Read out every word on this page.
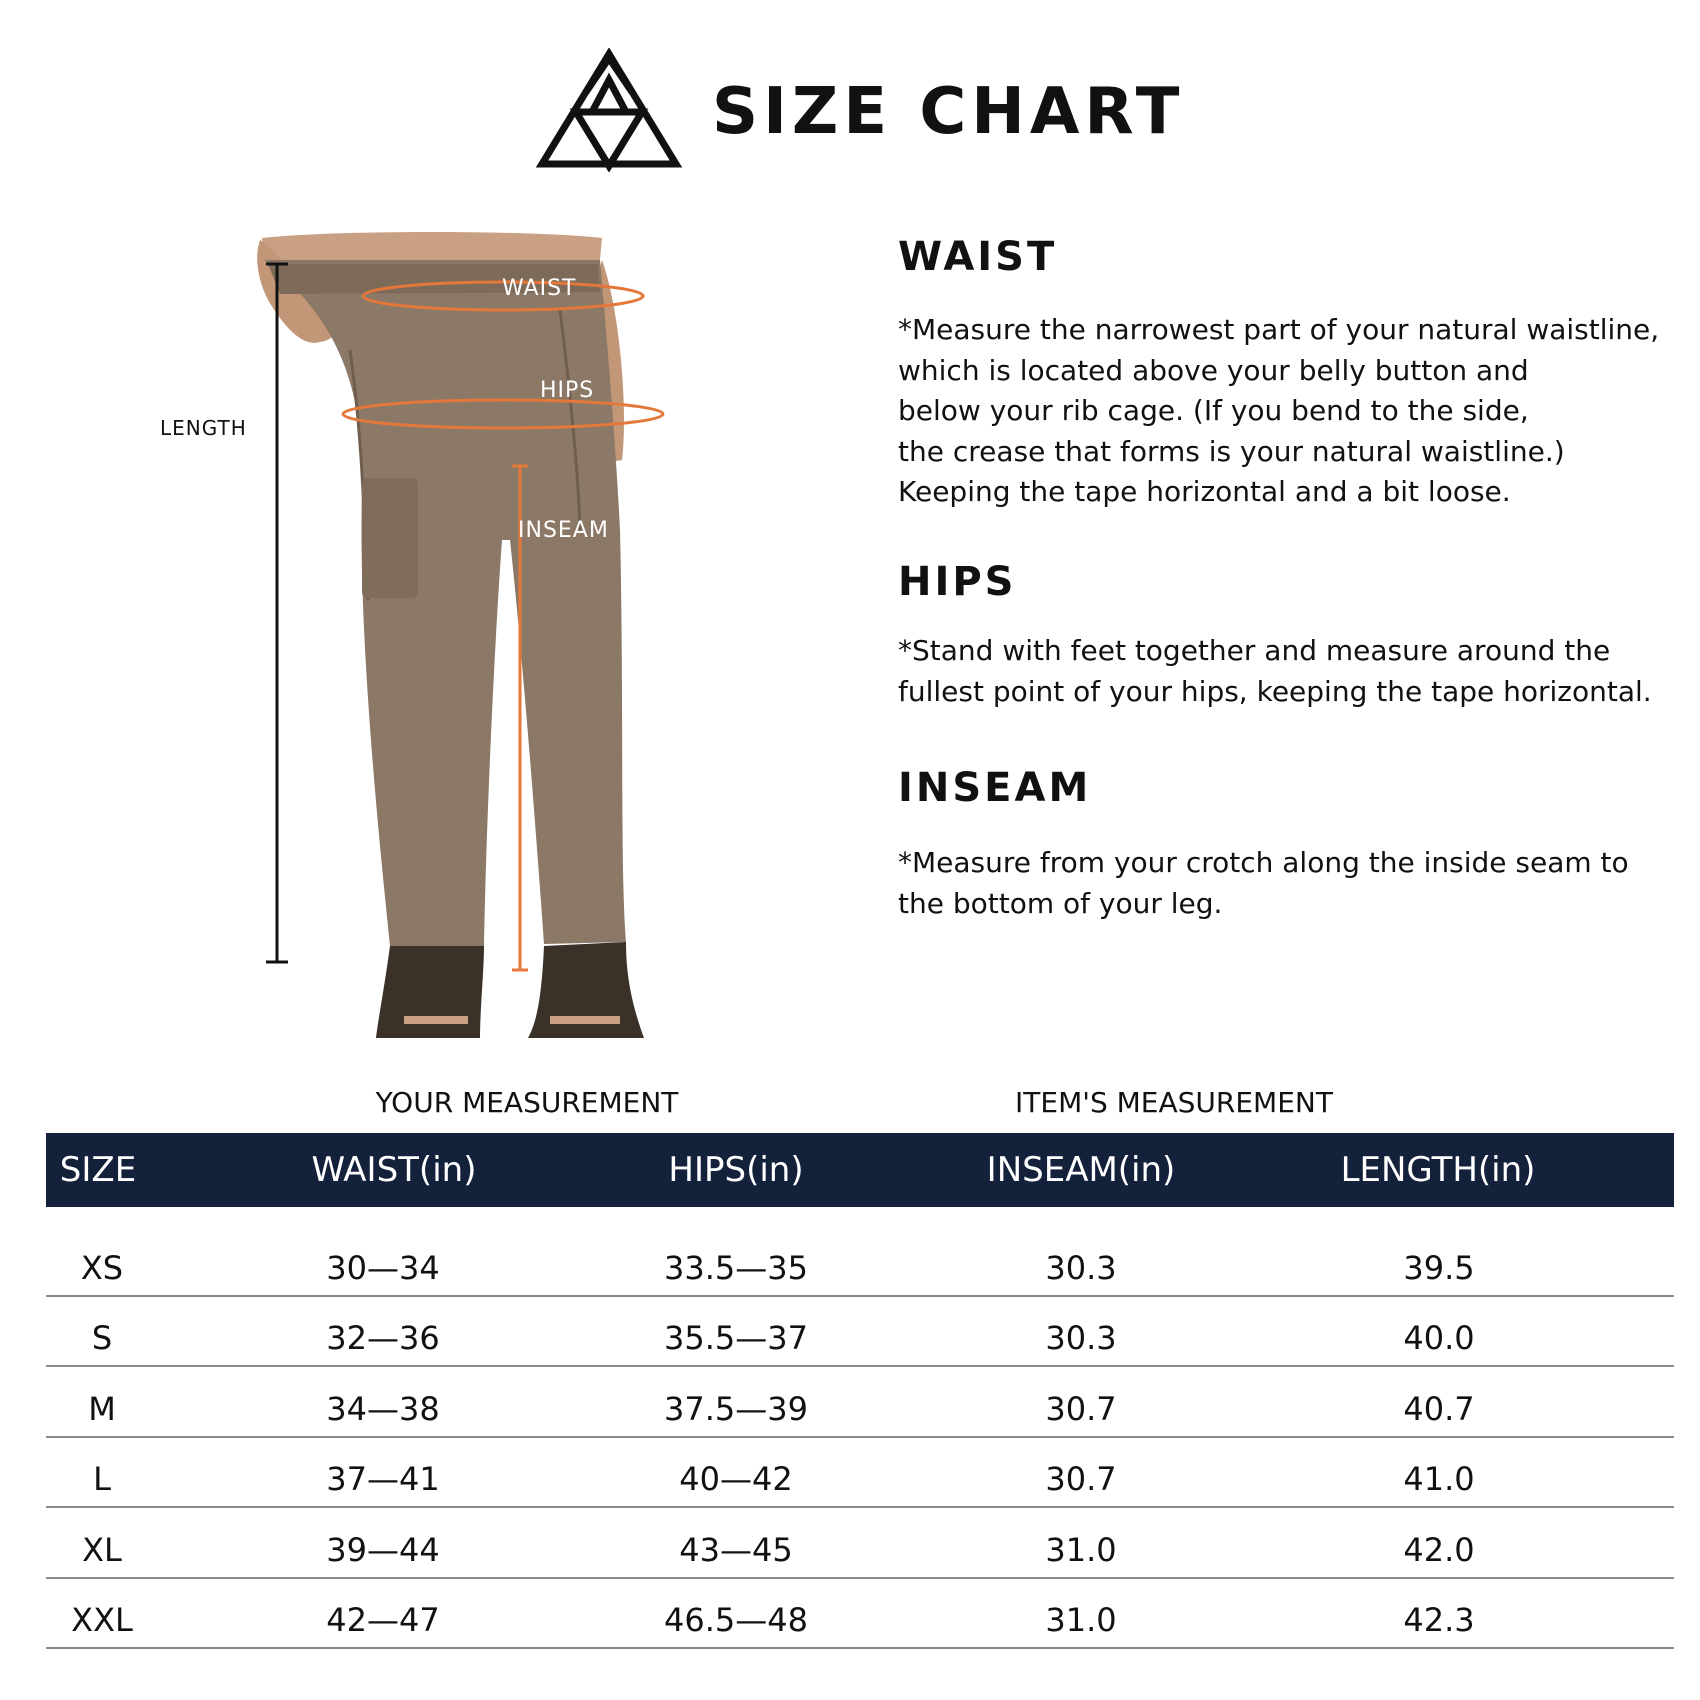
SIZE CHART
LENGTH
WAIST
HIPS
INSEAM
WAIST
*Measure the narrowest part of your natural waistline,
which is located above your belly button and
below your rib cage. (If you bend to the side,
the crease that forms is your natural waistline.)
Keeping the tape horizontal and a bit loose.
HIPS
*Stand with feet together and measure around the
fullest point of your hips, keeping the tape horizontal.
INSEAM
*Measure from your crotch along the inside seam to
the bottom of your leg.
YOUR MEASUREMENT	ITEM'S MEASUREMENT
SIZE	WAIST(in)	HIPS(in)	INSEAM(in)	LENGTH(in)
XS	30—34	33.5—35	30.3	39.5
S	32—36	35.5—37	30.3	40.0
M	34—38	37.5—39	30.7	40.7
L	37—41	40—42	30.7	41.0
XL	39—44	43—45	31.0	42.0
XXL	42—47	46.5—48	31.0	42.3
